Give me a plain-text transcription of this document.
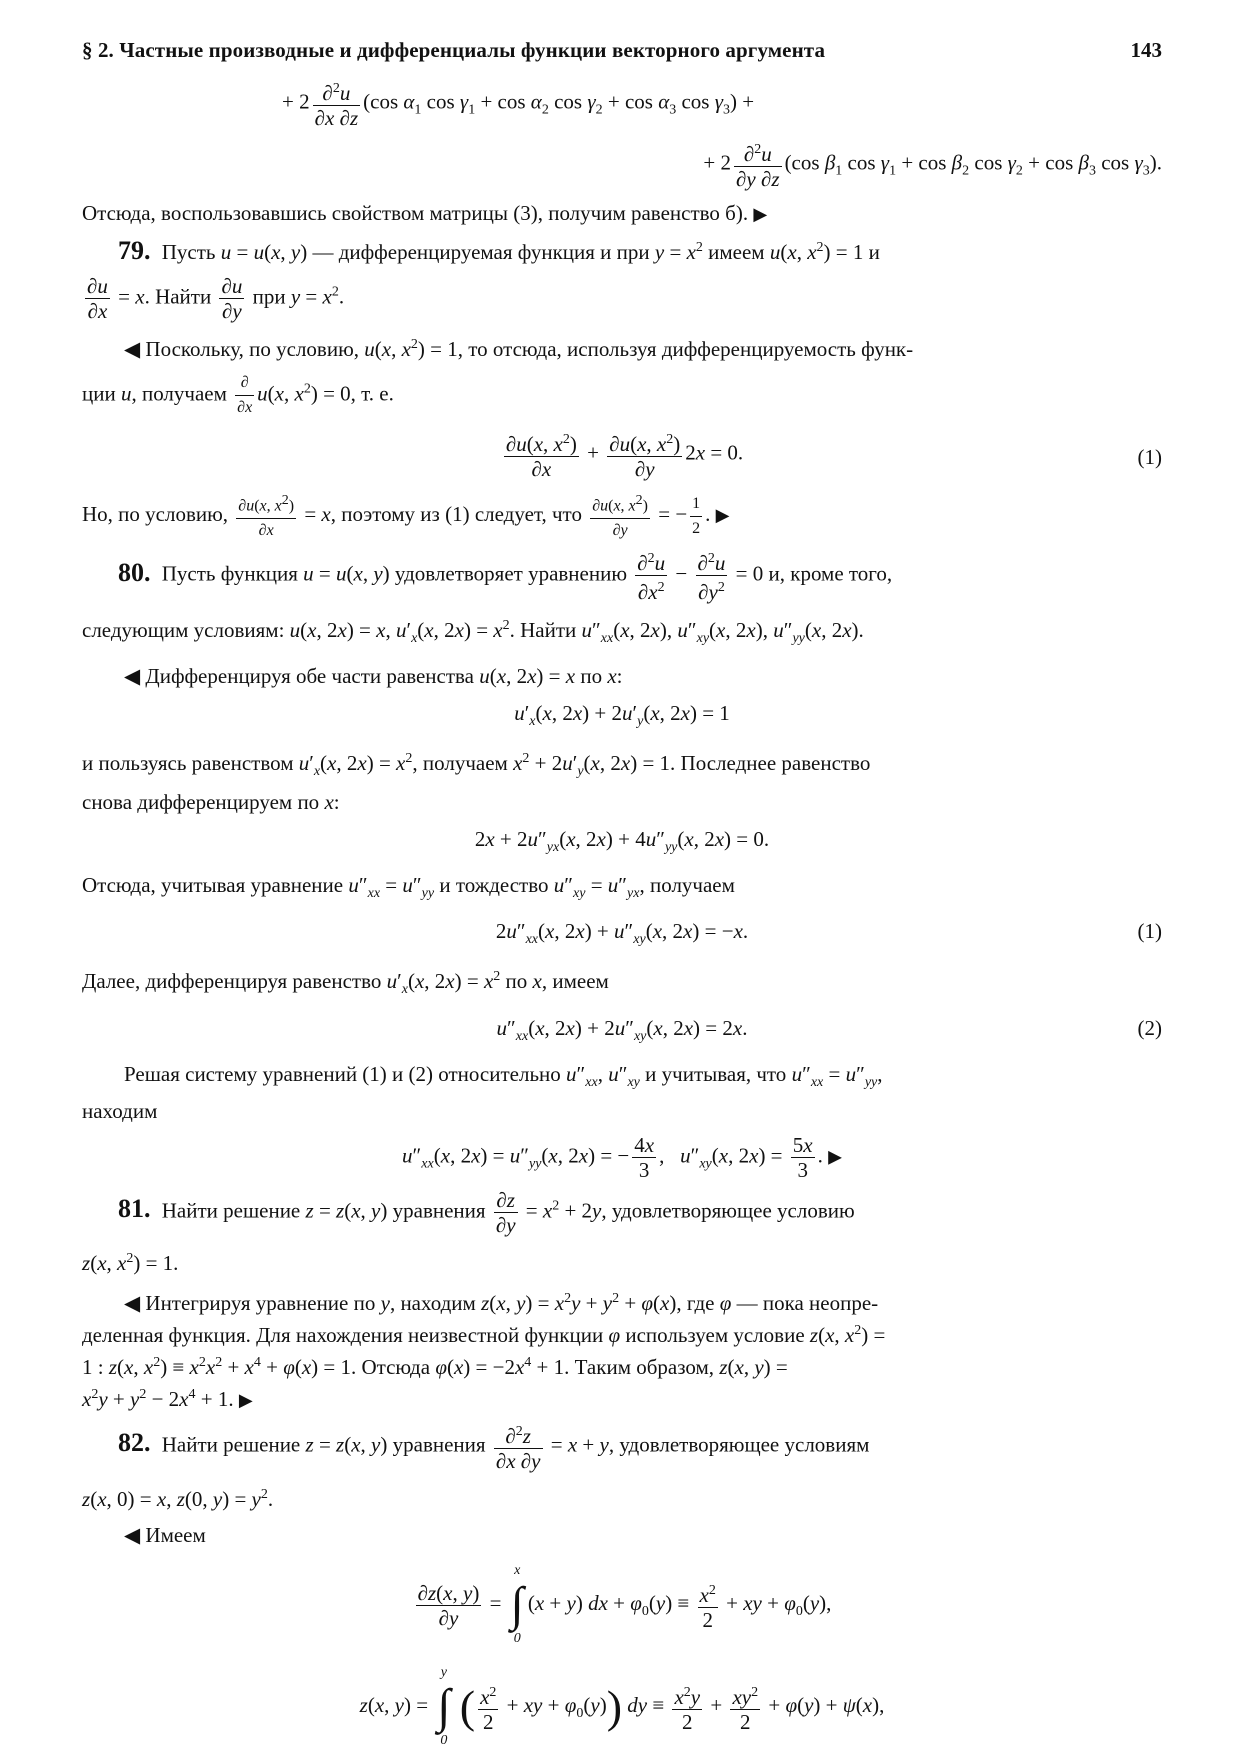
§ 2. Частные производные и дифференциалы функции векторного аргумента	143
+ $2 \frac{\partial^2u}{\partial x \partial z} (\cos$ $\alpha_1$ $\cos \gamma_1 + \cos \alpha_2$ $\cos \gamma_2 + \cos \alpha_3$ $\cos \gamma_3$) +
+ $2 \frac{\partial^2u}{\partial y \partial z} (\cos$ $\beta_1$ $\cos \gamma_1 + \cos \beta_2$ $\cos \gamma_2 + \cos \beta_3$ $\cos \gamma_3$).
Отсюда, воспользовавшись свойством матрицы (3), получим равенство б). ▶
79. Пусть u = u(x, y) — дифференцируемая функция и при $y = x^2$ имеем u(x, $x^2) = 1$ и
$\frac{\partial u}{\partial x} = x$. Найти $\frac{\partial u}{\partial y}$ при $y = x^2$.
◀ Поскольку, по условию, u(x, $x^2) = 1$, то отсюда, используя дифференцируемость функ-
ции u, получаем $\frac{\partial}{\partial x} u(x$, $x^2) = 0$, т. е.
$\frac{\partial u(x, x^2)}{\partial x} + \frac{\partial u(x, x^2)}{\partial y} 2x = 0$.	(1)
Но, по условию, $\frac{\partial u(x, x2)}{\partial x} = x$, поэтому из (1) следует, что $\frac{\partial u(x, x2)}{\partial y}$ = − $\frac{1}{2}$ . ▶
80. Пусть функция u = u(x, y) удовлетворяет уравнению $\frac{\partial^2u}{\partial x^2} - \frac{\partial^2u}{\partial y^2} = 0$ и, кроме того,
следующим условиям: u(x, 2x) = x, $u'_x(x$, $2x) = x^2$. Найти $u''_{xx}(x$, 2x), $u''_{xy}(x$, 2x), $u''_{yy}(x$, 2x).
◀ Дифференцируя обе части равенства u(x, 2x) = x по x:
$u'_x(x$, $2x) + 2u'_y(x$, 2x) = 1
и пользуясь равенством $u'_x(x$, $2x) = x^2$, получаем $x^2 + 2u'_y(x$, 2x) = 1. Последнее равенство
снова дифференцируем по x:
$2x + 2u''_{yx}(x$, $2x) + 4u''_{yy}(x$, 2x) = 0.
Отсюда, учитывая уравнение $u''_{xx} = u''_{yy}$ и тождество $u''_{xy} = u''_{yx}$, получаем
$2u''_{xx}(x$, $2x) + u''_{xy}(x$, 2x) = −x.	(1)
Далее, дифференцируя равенство $u'_x(x$, $2x) = x^2$ по x, имеем
$u''_{xx}(x$, $2x) + 2u''_{xy}(x$, 2x) = 2x.	(2)
Решая систему уравнений (1) и (2) относительно $u''_{xx}$, $u''_{xy}$ и учитывая, что $u''_{xx} = u''_{yy}$,
находим
$u''_{xx}(x$, $2x) = u''_{yy}(x$, 2x) = − $\frac{4x}{3}$ ,   $u''_{xy}(x$, $2x) = \frac{5x}{3}$ . ▶
81. Найти решение z = z(x, y) уравнения $\frac{\partial z}{\partial y} = x^2 + 2y$, удовлетворяющее условию
z(x, $x^2) = 1$.
◀ Интегрируя уравнение по y, находим z(x, $y) = x^2y + y^2 + \varphi(x)$, где φ — пока неопре-
деленная функция. Для нахождения неизвестной функции φ используем условие z(x, $x^2$) =
1 : z(x, $x^2) \equiv x^2x^2 + x^4 + \varphi(x) = 1$. Отсюда $\varphi(x) = -2x^4 + 1$. Таким образом, z(x, y) =
$x^2y + y^2 - 2x^4 + 1$. ▶
82. Найти решение z = z(x, y) уравнения $\frac{\partial^2z}{\partial x \partial y} = x + y$, удовлетворяющее условиям
z(x, 0) = x, z(0, $y) = y^2$.
◀ Имеем
$\frac{\partial z(x, y)}{\partial y}$ =
x
∫
0
(x + y) dx + $\varphi_0(y) \equiv \frac{x^2}{2}$ + xy + $\varphi_0(y)$,
z(x, y) =
y
∫
0
( $\frac{x^2}{2}$ + xy + $\varphi_0(y)$) dy ≡ $\frac{x^2y}{2} + \frac{xy^2}{2} + \varphi(y) + \psi(x)$,
